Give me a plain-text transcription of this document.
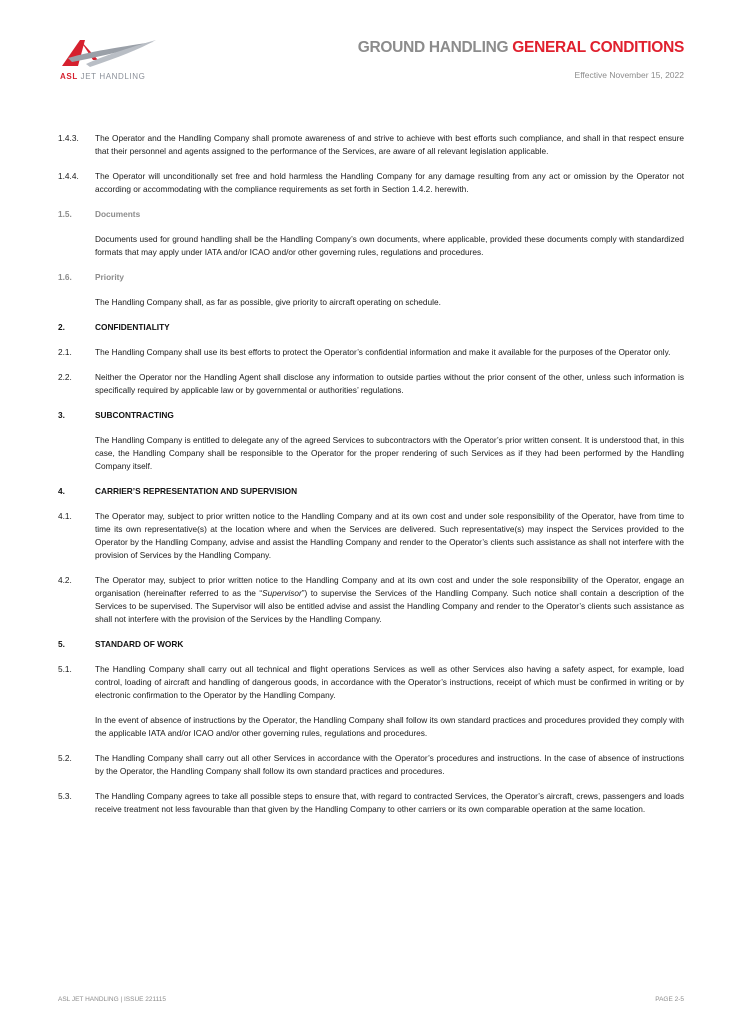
ASL JET HANDLING
GROUND HANDLING GENERAL CONDITIONS
Effective November 15, 2022
1.4.3.	The Operator and the Handling Company shall promote awareness of and strive to achieve with best efforts such compliance, and shall in that respect ensure that their personnel and agents assigned to the performance of the Services, are aware of all relevant legislation applicable.
1.4.4.	The Operator will unconditionally set free and hold harmless the Handling Company for any damage resulting from any act or omission by the Operator not according or accommodating with the compliance requirements as set forth in Section 1.4.2. herewith.
1.5.	Documents
Documents used for ground handling shall be the Handling Company’s own documents, where applicable, provided these documents comply with standardized formats that may apply under IATA and/or ICAO and/or other governing rules, regulations and procedures.
1.6.	Priority
The Handling Company shall, as far as possible, give priority to aircraft operating on schedule.
2.	CONFIDENTIALITY
2.1.	The Handling Company shall use its best efforts to protect the Operator’s confidential information and make it available for the purposes of the Operator only.
2.2.	Neither the Operator nor the Handling Agent shall disclose any information to outside parties without the prior consent of the other, unless such information is specifically required by applicable law or by governmental or authorities’ regulations.
3.	SUBCONTRACTING
The Handling Company is entitled to delegate any of the agreed Services to subcontractors with the Operator’s prior written consent. It is understood that, in this case, the Handling Company shall be responsible to the Operator for the proper rendering of such Services as if they had been performed by the Handling Company itself.
4.	CARRIER’S REPRESENTATION AND SUPERVISION
4.1.	The Operator may, subject to prior written notice to the Handling Company and at its own cost and under sole responsibility of the Operator, have from time to time its own representative(s) at the location where and when the Services are delivered. Such representative(s) may inspect the Services provided to the Operator by the Handling Company, advise and assist the Handling Company and render to the Operator’s clients such assistance as shall not interfere with the provision of Services by the Handling Company.
4.2.	The Operator may, subject to prior written notice to the Handling Company and at its own cost and under the sole responsibility of the Operator, engage an organisation (hereinafter referred to as the “Supervisor”) to supervise the Services of the Handling Company. Such notice shall contain a description of the Services to be supervised. The Supervisor will also be entitled advise and assist the Handling Company and render to the Operator’s clients such assistance as shall not interfere with the provision of the Services by the Handling Company.
5.	STANDARD OF WORK
5.1.	The Handling Company shall carry out all technical and flight operations Services as well as other Services also having a safety aspect, for example, load control, loading of aircraft and handling of dangerous goods, in accordance with the Operator’s instructions, receipt of which must be confirmed in writing or by electronic confirmation to the Operator by the Handling Company.
In the event of absence of instructions by the Operator, the Handling Company shall follow its own standard practices and procedures provided they comply with the applicable IATA and/or ICAO and/or other governing rules, regulations and procedures.
5.2.	The Handling Company shall carry out all other Services in accordance with the Operator’s procedures and instructions. In the case of absence of instructions by the Operator, the Handling Company shall follow its own standard practices and procedures.
5.3.	The Handling Company agrees to take all possible steps to ensure that, with regard to contracted Services, the Operator’s aircraft, crews, passengers and loads receive treatment not less favourable than that given by the Handling Company to other carriers or its own comparable operation at the same location.
ASL JET HANDLING | ISSUE 221115	PAGE 2-5
